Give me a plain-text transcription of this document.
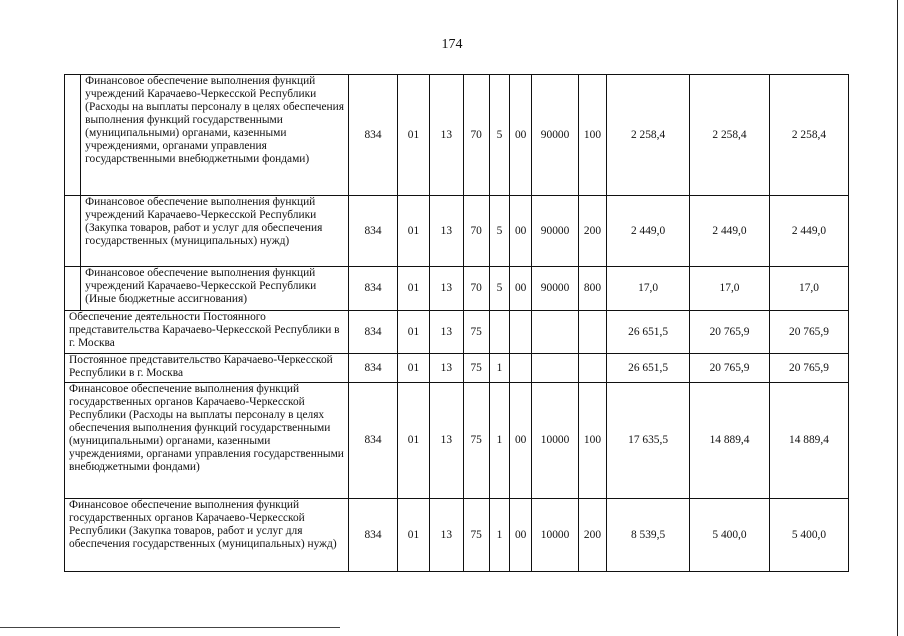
174
	Финансовое обеспечение выполнения функций учреждений Карачаево-Черкесской Республики (Расходы на выплаты персоналу в целях обеспечения выполнения функций государственными (муниципальными) органами, казенными учреждениями, органами управления государственными внебюджетными фондами)	834	01	13	70	5	00	90000	100	2 258,4	2 258,4	2 258,4
	Финансовое обеспечение выполнения функций учреждений Карачаево-Черкесской Республики (Закупка товаров, работ и услуг для обеспечения государственных (муниципальных) нужд)	834	01	13	70	5	00	90000	200	2 449,0	2 449,0	2 449,0
	Финансовое обеспечение выполнения функций учреждений Карачаево-Черкесской Республики (Иные бюджетные ассигнования)	834	01	13	70	5	00	90000	800	17,0	17,0	17,0
Обеспечение деятельности Постоянного представительства Карачаево-Черкесской Республики в г. Москва		834	01	13	75					26 651,5	20 765,9	20 765,9
Постоянное представительство Карачаево-Черкесской Республики в г. Москва		834	01	13	75	1				26 651,5	20 765,9	20 765,9
Финансовое обеспечение выполнения функций государственных органов Карачаево-Черкесской Республики (Расходы на выплаты персоналу в целях обеспечения выполнения функций государственными (муниципальными) органами, казенными учреждениями, органами управления государственными внебюджетными фондами)		834	01	13	75	1	00	10000	100	17 635,5	14 889,4	14 889,4
Финансовое обеспечение выполнения функций государственных органов Карачаево-Черкесской Республики (Закупка товаров, работ и услуг для обеспечения государственных (муниципальных) нужд)		834	01	13	75	1	00	10000	200	8 539,5	5 400,0	5 400,0
